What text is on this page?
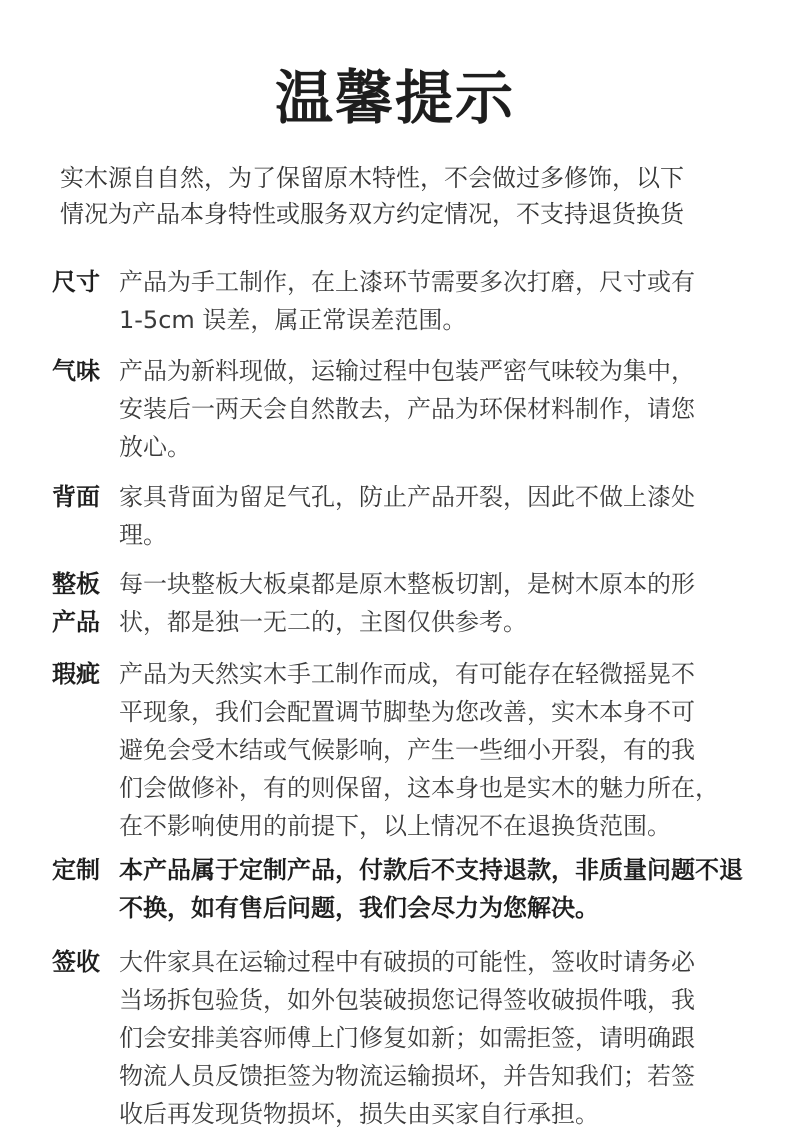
温馨提示
实木源自自然，为了保留原木特性，不会做过多修饰，以下
情况为产品本身特性或服务双方约定情况，不支持退货换货
尺寸 产品为手工制作，在上漆环节需要多次打磨，尺寸或有
1-5cm 误差，属正常误差范围。
气味 产品为新料现做，运输过程中包装严密气味较为集中，
安装后一两天会自然散去，产品为环保材料制作，请您
放心。
背面 家具背面为留足气孔，防止产品开裂，因此不做上漆处
理。
整板
产品
每一块整板大板桌都是原木整板切割，是树木原本的形
状，都是独一无二的，主图仅供参考。
瑕疵 产品为天然实木手工制作而成，有可能存在轻微摇晃不
平现象，我们会配置调节脚垫为您改善，实木本身不可
避免会受木结或气候影响，产生一些细小开裂，有的我
们会做修补，有的则保留，这本身也是实木的魅力所在，
在不影响使用的前提下，以上情况不在退换货范围。
定制 本产品属于定制产品，付款后不支持退款，非质量问题不退
不换，如有售后问题，我们会尽力为您解决。
签收 大件家具在运输过程中有破损的可能性，签收时请务必
当场拆包验货，如外包装破损您记得签收破损件哦，我
们会安排美容师傅上门修复如新；如需拒签，请明确跟
物流人员反馈拒签为物流运输损坏，并告知我们；若签
收后再发现货物损坏，损失由买家自行承担。
